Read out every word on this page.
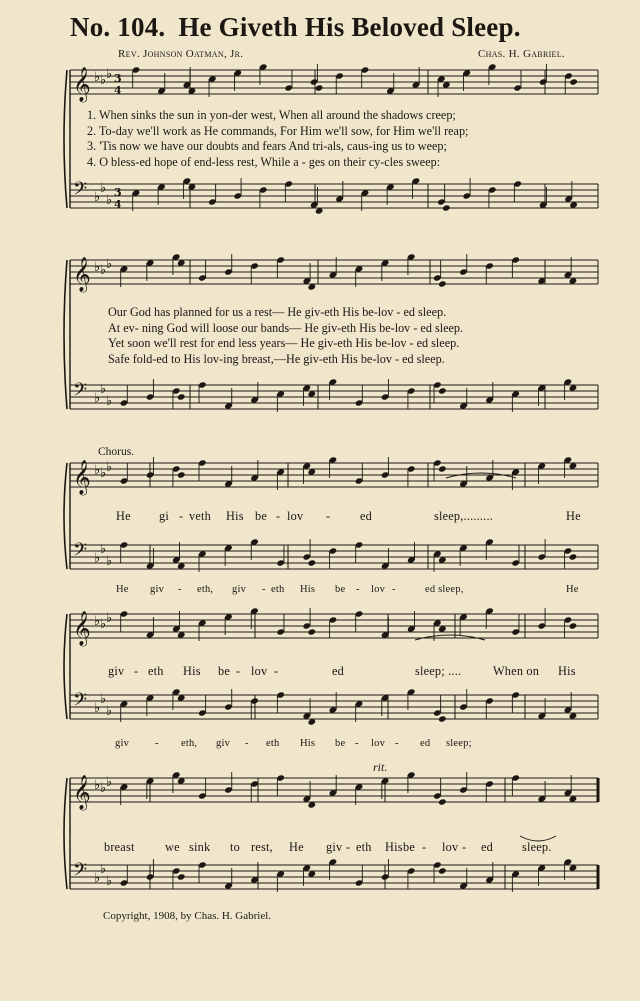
No. 104. He Giveth His Beloved Sleep.
Rev. Johnson Oatman, Jr.	Chas. H. Gabriel.
𝄞 ♭ ♭ ♭ 3
4
𝄢 ♭
♭
♭
3
4
𝄞 ♭ ♭ ♭
𝄢 ♭
♭
♭
𝄞 ♭ ♭ ♭
𝄢 ♭
♭
♭
𝄞 ♭ ♭ ♭
𝄢 ♭
♭
♭
𝄞 ♭ ♭ ♭
𝄢 ♭
♭
♭
1. When sinks the sun in yon-der west, When all around the shadows creep;
2. To-day we'll work as He commands, For Him we'll sow, for Him we'll reap;
3. 'Tis now we have our doubts and fears And tri-als, caus-ing us to weep;
4. O bless-ed hope of end-less rest, While a - ges on their cy-cles sweep:
Our God has planned for us a rest— He giv-eth His be-lov - ed sleep.
At ev- ning God will loose our bands— He giv-eth His be-lov - ed sleep.
Yet soon we'll rest for end less years— He giv-eth His be-lov - ed sleep.
Safe fold-ed to His lov-ing breast,—He giv-eth His be-lov - ed sleep.
Chorus.
rit.
He gi - veth His be - lov - ed	sleep,.........	He
He giv - eth, giv - eth His be - lov -	ed sleep,	He
giv - eth His be - lov -	ed	sleep; ....	When on His
giv - eth, giv - eth His be - lov - ed sleep;
breast we sink to rest, He giv - eth His be - lov - ed sleep.
Copyright, 1908, by Chas. H. Gabriel.
